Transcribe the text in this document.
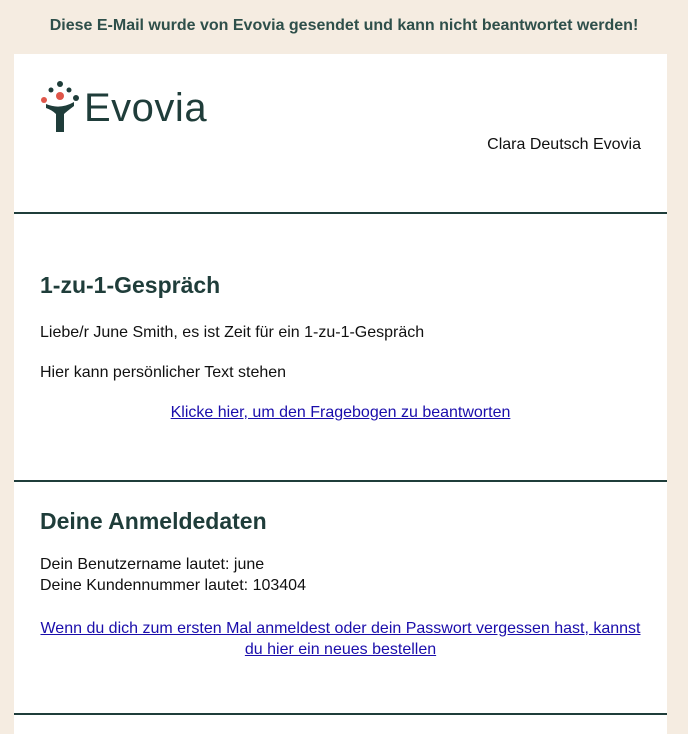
Diese E-Mail wurde von Evovia gesendet und kann nicht beantwortet werden!
Evovia
Clara Deutsch Evovia
1-zu-1-Gespräch
Liebe/r June Smith, es ist Zeit für ein 1-zu-1-Gespräch
Hier kann persönlicher Text stehen
Klicke hier, um den Fragebogen zu beantworten
Deine Anmeldedaten
Dein Benutzername lautet: june
Deine Kundennummer lautet: 103404
Wenn du dich zum ersten Mal anmeldest oder dein Passwort vergessen hast, kannst du hier ein neues bestellen
